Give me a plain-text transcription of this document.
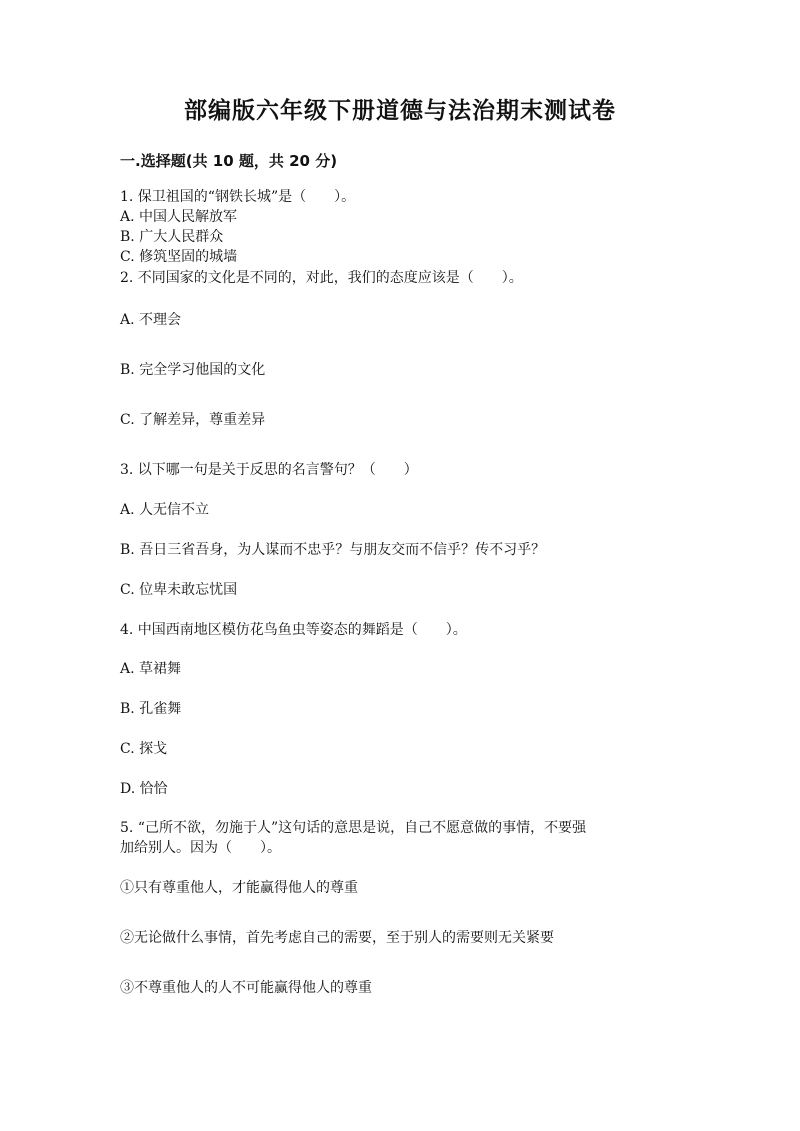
部编版六年级下册道德与法治期末测试卷
一.选择题(共 10 题，共 20 分)
1. 保卫祖国的“钢铁长城”是（　　）。
A. 中国人民解放军
B. 广大人民群众
C. 修筑坚固的城墙
2. 不同国家的文化是不同的，对此，我们的态度应该是（　　）。
A. 不理会
B. 完全学习他国的文化
C. 了解差异，尊重差异
3. 以下哪一句是关于反思的名言警句？（　　）
A. 人无信不立
B. 吾日三省吾身，为人谋而不忠乎？与朋友交而不信乎？传不习乎？
C. 位卑未敢忘忧国
4. 中国西南地区模仿花鸟鱼虫等姿态的舞蹈是（　　）。
A. 草裙舞
B. 孔雀舞
C. 探戈
D. 恰恰
5. “己所不欲，勿施于人”这句话的意思是说，自己不愿意做的事情，不要强
加给别人。因为（　　）。
①只有尊重他人，才能赢得他人的尊重
②无论做什么事情，首先考虑自己的需要，至于别人的需要则无关紧要
③不尊重他人的人不可能赢得他人的尊重
